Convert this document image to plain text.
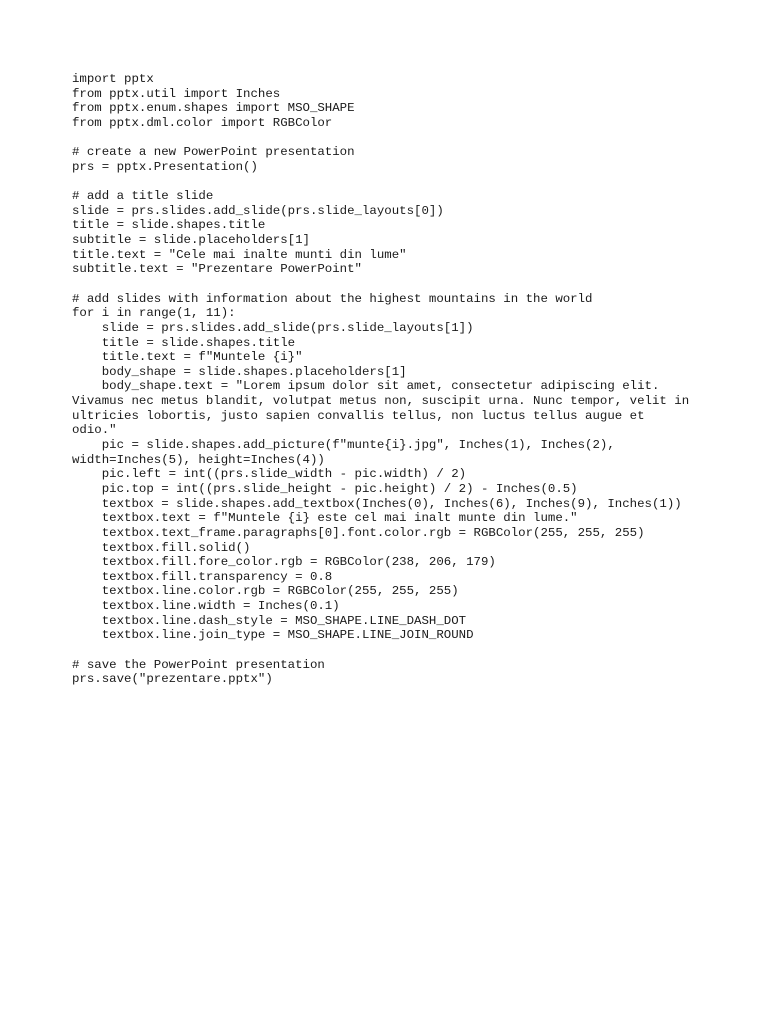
import pptx
from pptx.util import Inches
from pptx.enum.shapes import MSO_SHAPE
from pptx.dml.color import RGBColor
# create a new PowerPoint presentation
prs = pptx.Presentation()
# add a title slide
slide = prs.slides.add_slide(prs.slide_layouts[0])
title = slide.shapes.title
subtitle = slide.placeholders[1]
title.text = "Cele mai inalte munti din lume"
subtitle.text = "Prezentare PowerPoint"
# add slides with information about the highest mountains in the world
for i in range(1, 11):
slide = prs.slides.add_slide(prs.slide_layouts[1])
title = slide.shapes.title
title.text = f"Muntele {i}"
body_shape = slide.shapes.placeholders[1]
body_shape.text = "Lorem ipsum dolor sit amet, consectetur adipiscing elit.
Vivamus nec metus blandit, volutpat metus non, suscipit urna. Nunc tempor, velit in
ultricies lobortis, justo sapien convallis tellus, non luctus tellus augue et
odio."
pic = slide.shapes.add_picture(f"munte{i}.jpg", Inches(1), Inches(2),
width=Inches(5), height=Inches(4))
pic.left = int((prs.slide_width - pic.width) / 2)
pic.top = int((prs.slide_height - pic.height) / 2) - Inches(0.5)
textbox = slide.shapes.add_textbox(Inches(0), Inches(6), Inches(9), Inches(1))
textbox.text = f"Muntele {i} este cel mai inalt munte din lume."
textbox.text_frame.paragraphs[0].font.color.rgb = RGBColor(255, 255, 255)
textbox.fill.solid()
textbox.fill.fore_color.rgb = RGBColor(238, 206, 179)
textbox.fill.transparency = 0.8
textbox.line.color.rgb = RGBColor(255, 255, 255)
textbox.line.width = Inches(0.1)
textbox.line.dash_style = MSO_SHAPE.LINE_DASH_DOT
textbox.line.join_type = MSO_SHAPE.LINE_JOIN_ROUND
# save the PowerPoint presentation
prs.save("prezentare.pptx")
